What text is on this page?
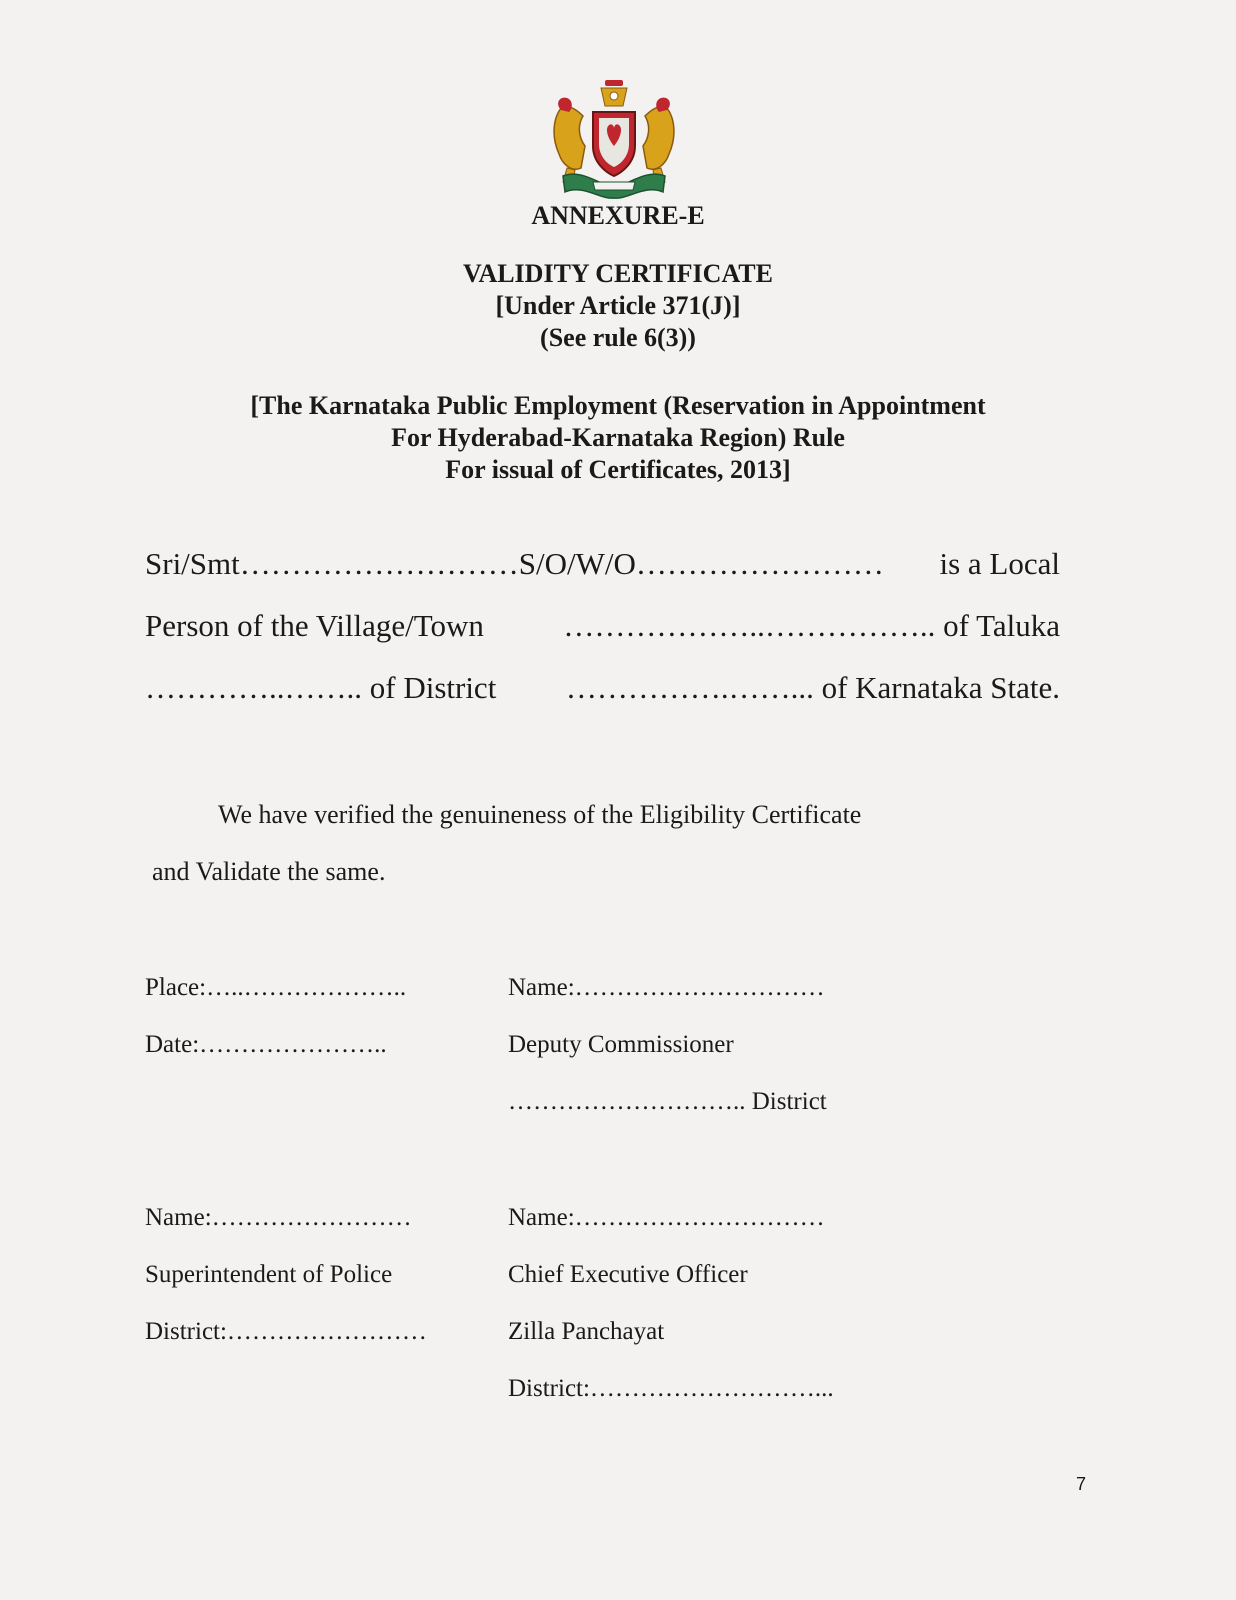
ANNEXURE-E
VALIDITY CERTIFICATE
[Under Article 371(J)]
(See rule 6(3))
[The Karnataka Public Employment (Reservation in Appointment
For Hyderabad-Karnataka Region) Rule
For issual of Certificates, 2013]
Sri/Smt………………………S/O/W/O…………………… is a Local
Person of the Village/Town	………………..…………….. of Taluka
…………..…….. of District …………….……... of Karnataka State.
We have verified the genuineness of the Eligibility Certificate
and Validate the same.
Place:…..………………..
Date:…………………..
Name:…………………………
Deputy Commissioner
……………………….. District
Name:……………………
Superintendent of Police
District:……………………
Name:…………………………
Chief Executive Officer
Zilla Panchayat
District:………………………...
7
